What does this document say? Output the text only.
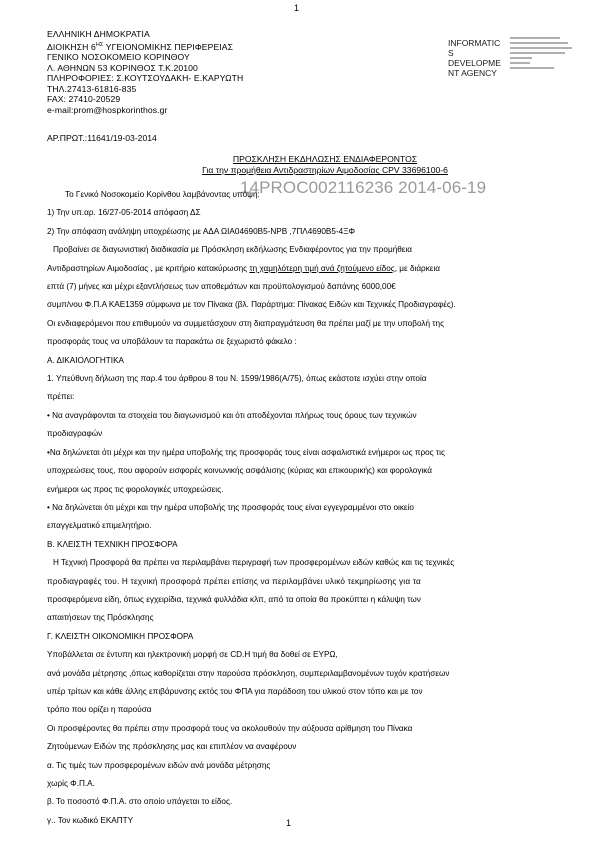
1
ΕΛΛΗΝΙΚΗ ΔΗΜΟΚΡΑΤΙΑ
ΔΙΟΙΚΗΣΗ $6^{H\Sigma}$ ΥΓΕΙΟΝΟΜΙΚΗΣ ΠΕΡΙΦΕΡΕΙΑΣ
ΓΕΝΙΚΟ ΝΟΣΟΚΟΜΕΙΟ ΚΟΡΙΝΘΟΥ
Λ. ΑΘΗΝΩΝ 53 ΚΟΡΙΝΘΟΣ Τ.Κ.20100
ΠΛΗΡΟΦΟΡΙΕΣ: Σ.ΚΟΥΤΣΟΥΔΑΚΗ- Ε.ΚΑΡΥΩΤΗ
ΤΗΛ.27413-61816-835
FAX: 27410-20529
e-mail:prom@hospkorinthos.gr
INFORMATIC
S
DEVELOPME
NT AGENCY
ΑΡ.ΠΡΩΤ.:11641/19-03-2014
ΠΡΟΣΚΛΗΣΗ ΕΚΔΗΛΩΣΗΣ ΕΝΔΙΑΦΕΡΟΝΤΟΣ
Για την προμήθεια Αντιδραστηρίων Αιμοδοσίας CPV 33696100-6
14PROC002116236 2014-06-19

Το Γενικό Νοσοκομείο Κορίνθου λαμβάνοντας υπόψη:

1) Την υπ.αρ. 16/27-05-2014 απόφαση ΔΣ

2) Την απόφαση ανάληψη υποχρέωσης με ΑΔΑ ΩΙΑ04690Β5-ΝΡΒ ,7ΠΛ4690Β5-4ΞΦ

Προβαίνει σε διαγωνιστική διαδικασία με Πρόσκληση εκδήλωσης Ενδιαφέροντος για την προμήθεια

Αντιδραστηρίων Αιμοδοσίας , με κριτήριο κατακύρωσης τη χαμηλότερη τιμή ανά ζητούμενο είδος, με διάρκεια

επτά (7) μήνες και μέχρι εξαντλήσεως των αποθεμάτων και προϋπολογισμού δαπάνης 6000,00€

συμπ/νου Φ.Π.Α ΚΑΕ1359 σύμφωνα με τον Πίνακα (βλ. Παράρτημα: Πίνακας Ειδών και Τεχνικές Προδιαγραφές).

Οι ενδιαφερόμενοι που επιθυμούν να συμμετάσχουν στη διαπραγμάτευση θα πρέπει μαζί με την υποβολή της

προσφοράς τους να υποβάλουν τα παρακάτω σε ξεχωριστό φάκελο :

Α. ΔΙΚΑΙΟΛΟΓΗΤΙΚΑ

1. Υπεύθυνη δήλωση της παρ.4 του άρθρου 8 του Ν. 1599/1986(Α/75), όπως εκάστοτε ισχύει στην οποία

πρέπει:

• Να αναγράφονται τα στοιχεία του διαγωνισμού και ότι αποδέχονται πλήρως τους όρους των τεχνικών

προδιαγραφών

•Να δηλώνεται ότι μέχρι και την ημέρα υποβολής της προσφοράς τους είναι ασφαλιστικά ενήμεροι ως προς τις

υποχρεώσεις τους, που αφορούν εισφορές κοινωνικής ασφάλισης (κύριας και επικουρικής) και φορολογικά

ενήμεροι ως προς τις φορολογικές υποχρεώσεις.

• Να δηλώνεται ότι μέχρι και την ημέρα υποβολής της προσφοράς τους είναι εγγεγραμμένοι στο οικείο

επαγγελματικό επιμελητήριο.

Β. ΚΛΕΙΣΤΗ ΤΕΧΝΙΚΗ ΠΡΟΣΦΟΡΑ

Η Τεχνική Προσφορά θα πρέπει να περιλαμβάνει περιγραφή των προσφερομένων ειδών καθώς και τις τεχνικές

προδιαγραφές του. Η τεχνική προσφορά πρέπει επίσης να περιλαμβάνει υλικό τεκμηρίωσης για τα

προσφερόμενα είδη, όπως εγχειρίδια, τεχνικά φυλλάδια κλπ, από τα οποία θα προκύπτει η κάλυψη των

απαιτήσεων της Πρόσκλησης

Γ. ΚΛΕΙΣΤΗ ΟΙΚΟΝΟΜΙΚΗ ΠΡΟΣΦΟΡΑ

Υποβάλλεται σε έντυπη και ηλεκτρονική μορφή σε CD.Η τιμή θα δοθεί σε ΕΥΡΩ,

ανά μονάδα μέτρησης ,όπως καθορίζεται στην παρούσα πρόσκληση, συμπεριλαμβανομένων τυχόν κρατήσεων

υπέρ τρίτων και κάθε άλλης επιβάρυνσης εκτός του ΦΠΑ για παράδοση του υλικού στον τόπο και με τον

τρόπο που ορίζει η παρούσα

Οι προσφέροντες θα πρέπει στην προσφορά τους να ακολουθούν την αύξουσα αρίθμηση του Πίνακα

Ζητούμενων Ειδών της πρόσκλησης μας και επιπλέον να αναφέρουν

α. Τις τιμές των προσφερομένων ειδών ανά μονάδα μέτρησης

χωρίς Φ.Π.Α.

β. Το ποσοστό Φ.Π.Α. στο οποίο υπάγεται το είδος.

γ.. Τον κωδικό ΕΚΑΠΤΥ	1
